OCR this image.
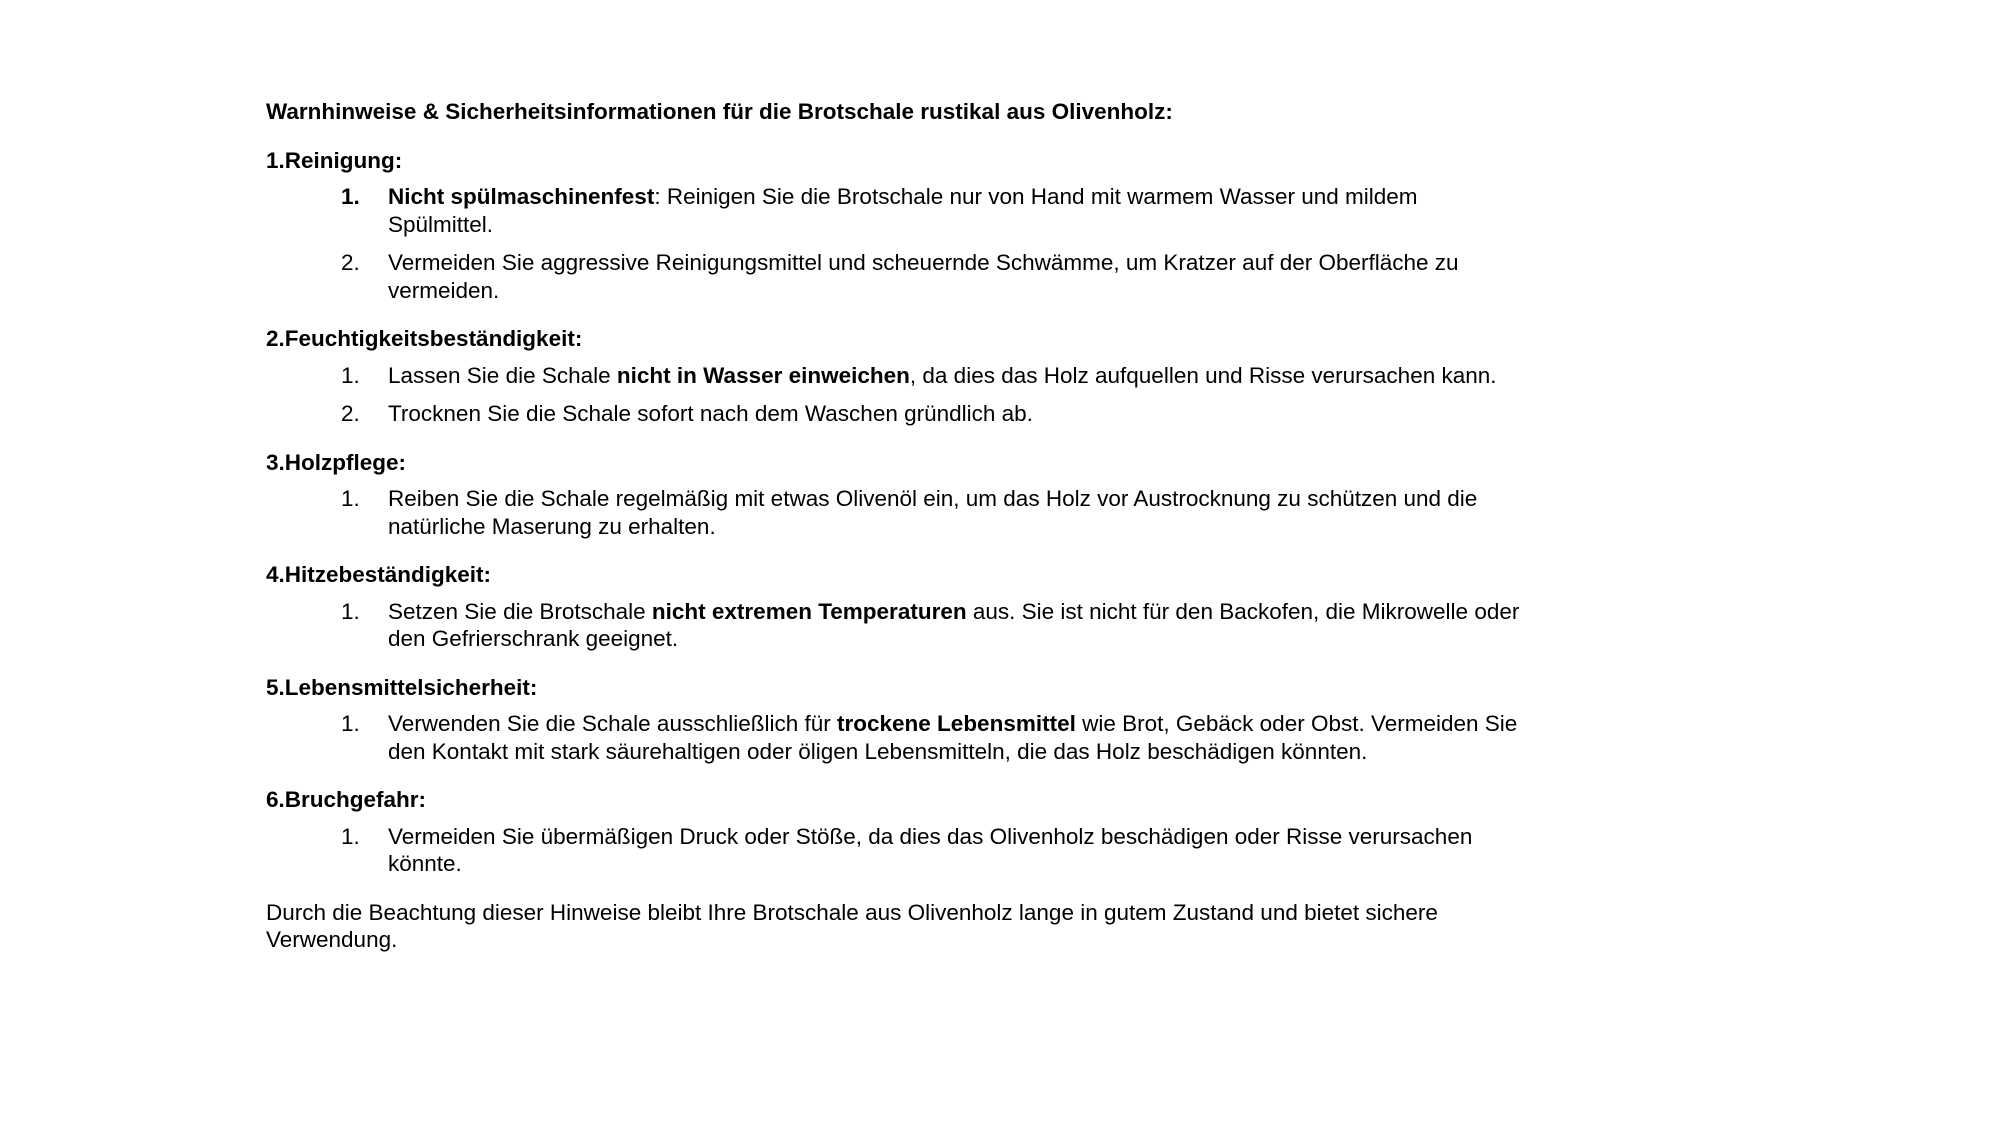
Warnhinweise & Sicherheitsinformationen für die Brotschale rustikal aus Olivenholz:

1.Reinigung:

1.	Nicht spülmaschinenfest: Reinigen Sie die Brotschale nur von Hand mit warmem Wasser und mildem Spülmittel.
2.	Vermeiden Sie aggressive Reinigungsmittel und scheuernde Schwämme, um Kratzer auf der Oberfläche zu vermeiden.

2.Feuchtigkeitsbeständigkeit:

1.	Lassen Sie die Schale nicht in Wasser einweichen, da dies das Holz aufquellen und Risse verursachen kann.
2.	Trocknen Sie die Schale sofort nach dem Waschen gründlich ab.

3.Holzpflege:

1.	Reiben Sie die Schale regelmäßig mit etwas Olivenöl ein, um das Holz vor Austrocknung zu schützen und die natürliche Maserung zu erhalten.

4.Hitzebeständigkeit:

1.	Setzen Sie die Brotschale nicht extremen Temperaturen aus. Sie ist nicht für den Backofen, die Mikrowelle oder den Gefrierschrank geeignet.

5.Lebensmittelsicherheit:

1.	Verwenden Sie die Schale ausschließlich für trockene Lebensmittel wie Brot, Gebäck oder Obst. Vermeiden Sie den Kontakt mit stark säurehaltigen oder öligen Lebensmitteln, die das Holz beschädigen könnten.

6.Bruchgefahr:

1.	Vermeiden Sie übermäßigen Druck oder Stöße, da dies das Olivenholz beschädigen oder Risse verursachen könnte.

Durch die Beachtung dieser Hinweise bleibt Ihre Brotschale aus Olivenholz lange in gutem Zustand und bietet sichere Verwendung.
